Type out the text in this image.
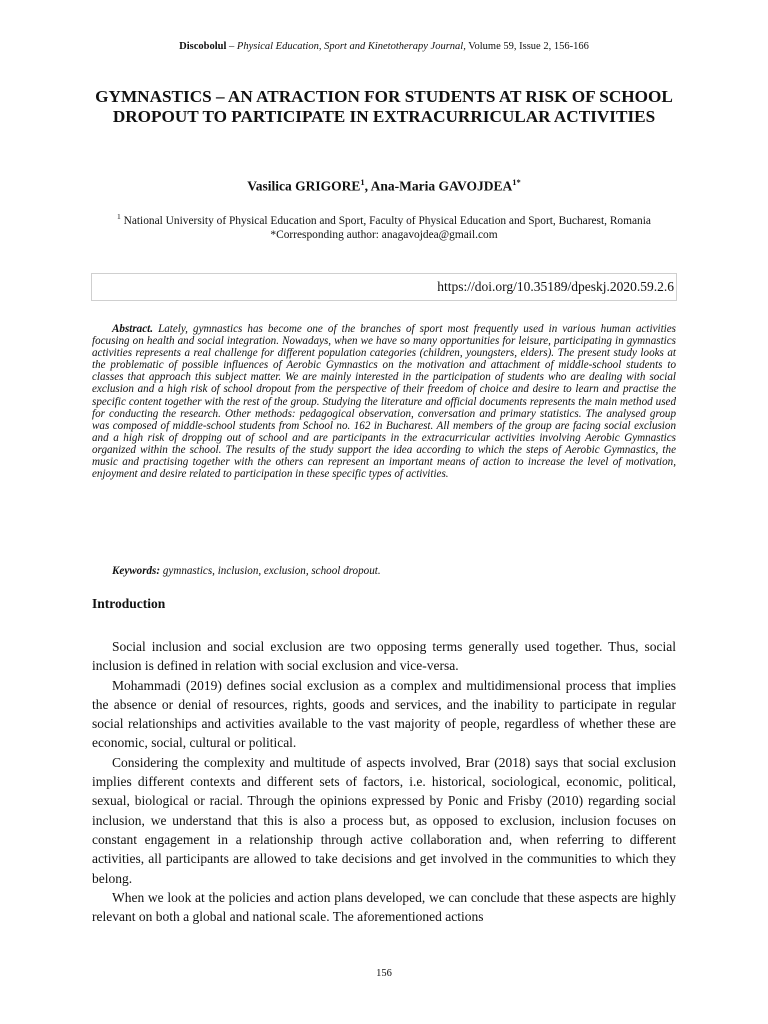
Discobolul – Physical Education, Sport and Kinetotherapy Journal, Volume 59, Issue 2, 156-166
GYMNASTICS – AN ATRACTION FOR STUDENTS AT RISK OF SCHOOL DROPOUT TO PARTICIPATE IN EXTRACURRICULAR ACTIVITIES
Vasilica GRIGORE$^1$, Ana-Maria $GAVOJDEA^{1*}$
$^1$ National University of Physical Education and Sport, Faculty of Physical Education and Sport, Bucharest, Romania
*Corresponding author: anagavojdea@gmail.com
https://doi.org/10.35189/dpeskj.2020.59.2.6

Abstract. Lately, gymnastics has become one of the branches of sport most frequently used in various human activities focusing on health and social integration. Nowadays, when we have so many opportunities for leisure, participating in gymnastics activities represents a real challenge for different population categories (children, youngsters, elders). The present study looks at the problematic of possible influences of Aerobic Gymnastics on the motivation and attachment of middle-school students to classes that approach this subject matter. We are mainly interested in the participation of students who are dealing with social exclusion and a high risk of school dropout from the perspective of their freedom of choice and desire to learn and practise the specific content together with the rest of the group. Studying the literature and official documents represents the main method used for conducting the research. Other methods: pedagogical observation, conversation and primary statistics. The analysed group was composed of middle-school students from School no. 162 in Bucharest. All members of the group are facing social exclusion and a high risk of dropping out of school and are participants in the extracurricular activities involving Aerobic Gymnastics organized within the school. The results of the study support the idea according to which the steps of Aerobic Gymnastics, the music and practising together with the others can represent an important means of action to increase the level of motivation, enjoyment and desire related to participation in these specific types of activities.

Keywords: gymnastics, inclusion, exclusion, school dropout.

Introduction

Social inclusion and social exclusion are two opposing terms generally used together. Thus, social inclusion is defined in relation with social exclusion and vice-versa.

Mohammadi (2019) defines social exclusion as a complex and multidimensional process that implies the absence or denial of resources, rights, goods and services, and the inability to participate in regular social relationships and activities available to the vast majority of people, regardless of whether these are economic, social, cultural or political.

Considering the complexity and multitude of aspects involved, Brar (2018) says that social exclusion implies different contexts and different sets of factors, i.e. historical, sociological, economic, political, sexual, biological or racial. Through the opinions expressed by Ponic and Frisby (2010) regarding social inclusion, we understand that this is also a process but, as opposed to exclusion, inclusion focuses on constant engagement in a relationship through active collaboration and, when referring to different activities, all participants are allowed to take decisions and get involved in the communities to which they belong.

When we look at the policies and action plans developed, we can conclude that these aspects are highly relevant on both a global and national scale. The aforementioned actions

156
